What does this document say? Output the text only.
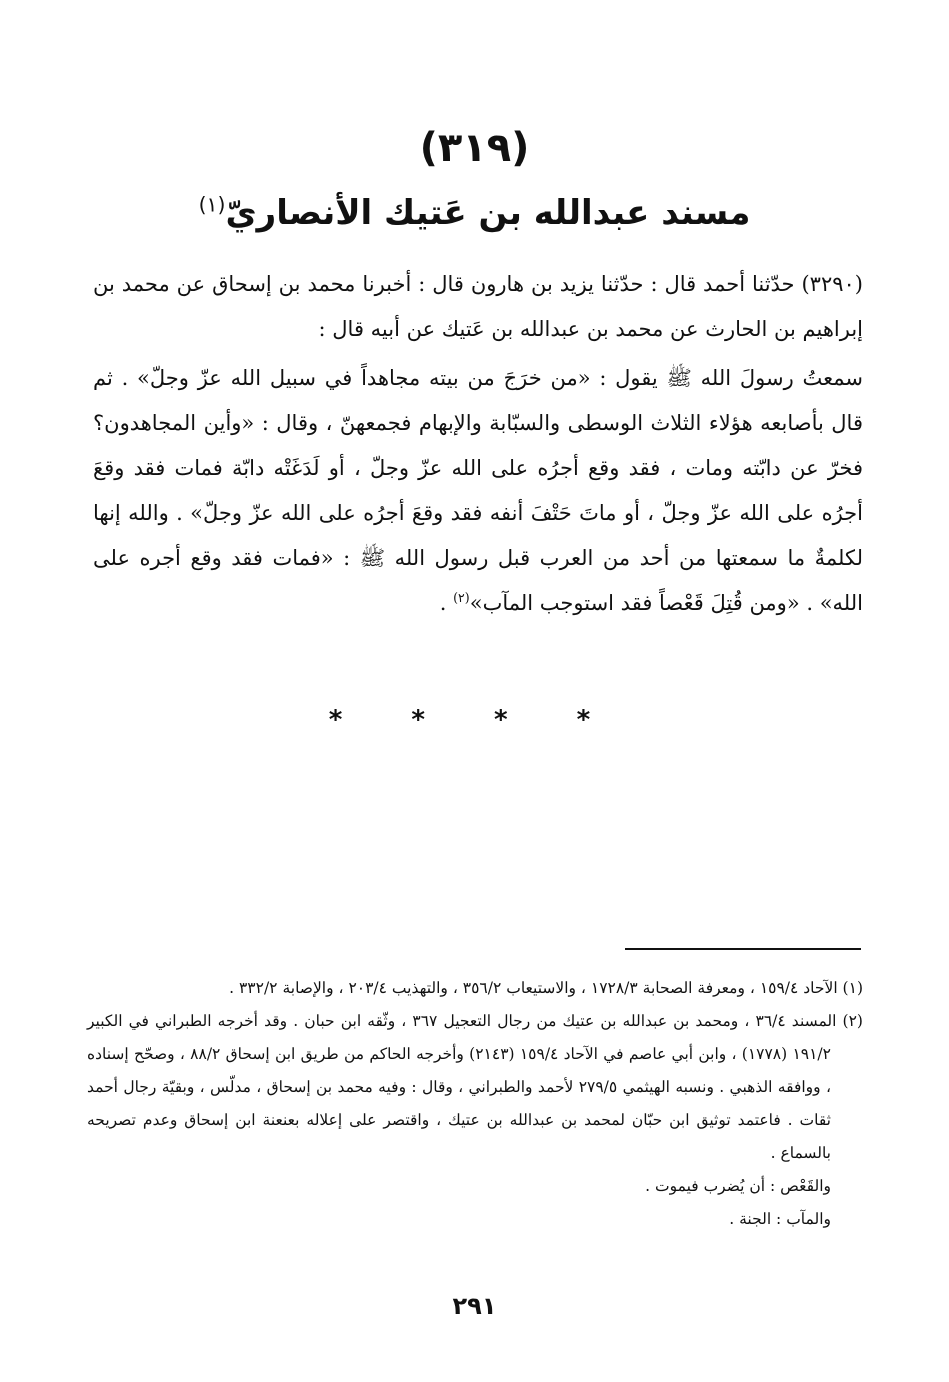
(٣١٩)
مسند عبدالله بن عَتيك الأنصاريّ$^{(١)}$

(٣٢٩٠) حدّثنا أحمد قال : حدّثنا يزيد بن هارون قال : أخبرنا محمد بن إسحاق عن محمد بن إبراهيم بن الحارث عن محمد بن عبدالله بن عَتيك عن أبيه قال :

سمعتُ رسولَ الله ﷺ يقول : «من خرَجَ من بيته مجاهداً في سبيل الله عزّ وجلّ» . ثم قال بأصابعه هؤلاء الثلاث الوسطى والسبّابة والإبهام فجمعهنّ ، وقال : «وأين المجاهدون؟ فخرّ عن دابّته ومات ، فقد وقع أجرُه على الله عزّ وجلّ ، أو لَدَغَتْه دابّة فمات فقد وقعَ أجرُه على الله عزّ وجلّ ، أو ماتَ حَتْفَ أنفه فقد وقعَ أجرُه على الله عزّ وجلّ» . والله إنها لكلمةٌ ما سمعتها من أحد من العرب قبل رسول الله ﷺ : «فمات فقد وقع أجره على الله» . «ومن قُتِلَ قَعْصاً فقد استوجب المآب»$^{(٢)}$ .

* * * *

(١) الآحاد ١٥٩/٤ ، ومعرفة الصحابة ١٧٢٨/٣ ، والاستيعاب ٣٥٦/٢ ، والتهذيب ٢٠٣/٤ ، والإصابة ٣٣٢/٢ .

(٢) المسند ٣٦/٤ ، ومحمد بن عبدالله بن عتيك من رجال التعجيل ٣٦٧ ، وثّقه ابن حبان . وقد أخرجه الطبراني في الكبير ١٩١/٢ (١٧٧٨) ، وابن أبي عاصم في الآحاد ١٥٩/٤ (٢١٤٣) وأخرجه الحاكم من طريق ابن إسحاق ٨٨/٢ ، وصحّح إسناده ، ووافقه الذهبي . ونسبه الهيثمي ٢٧٩/٥ لأحمد والطبراني ، وقال : وفيه محمد بن إسحاق ، مدلّس ، وبقيّة رجال أحمد ثقات . فاعتمد توثيق ابن حبّان لمحمد بن عبدالله بن عتيك ، واقتصر على إعلاله بعنعنة ابن إسحاق وعدم تصريحه بالسماع .

والقَعْص : أن يُضرب فيموت .

والمآب : الجنة .

٢٩١
